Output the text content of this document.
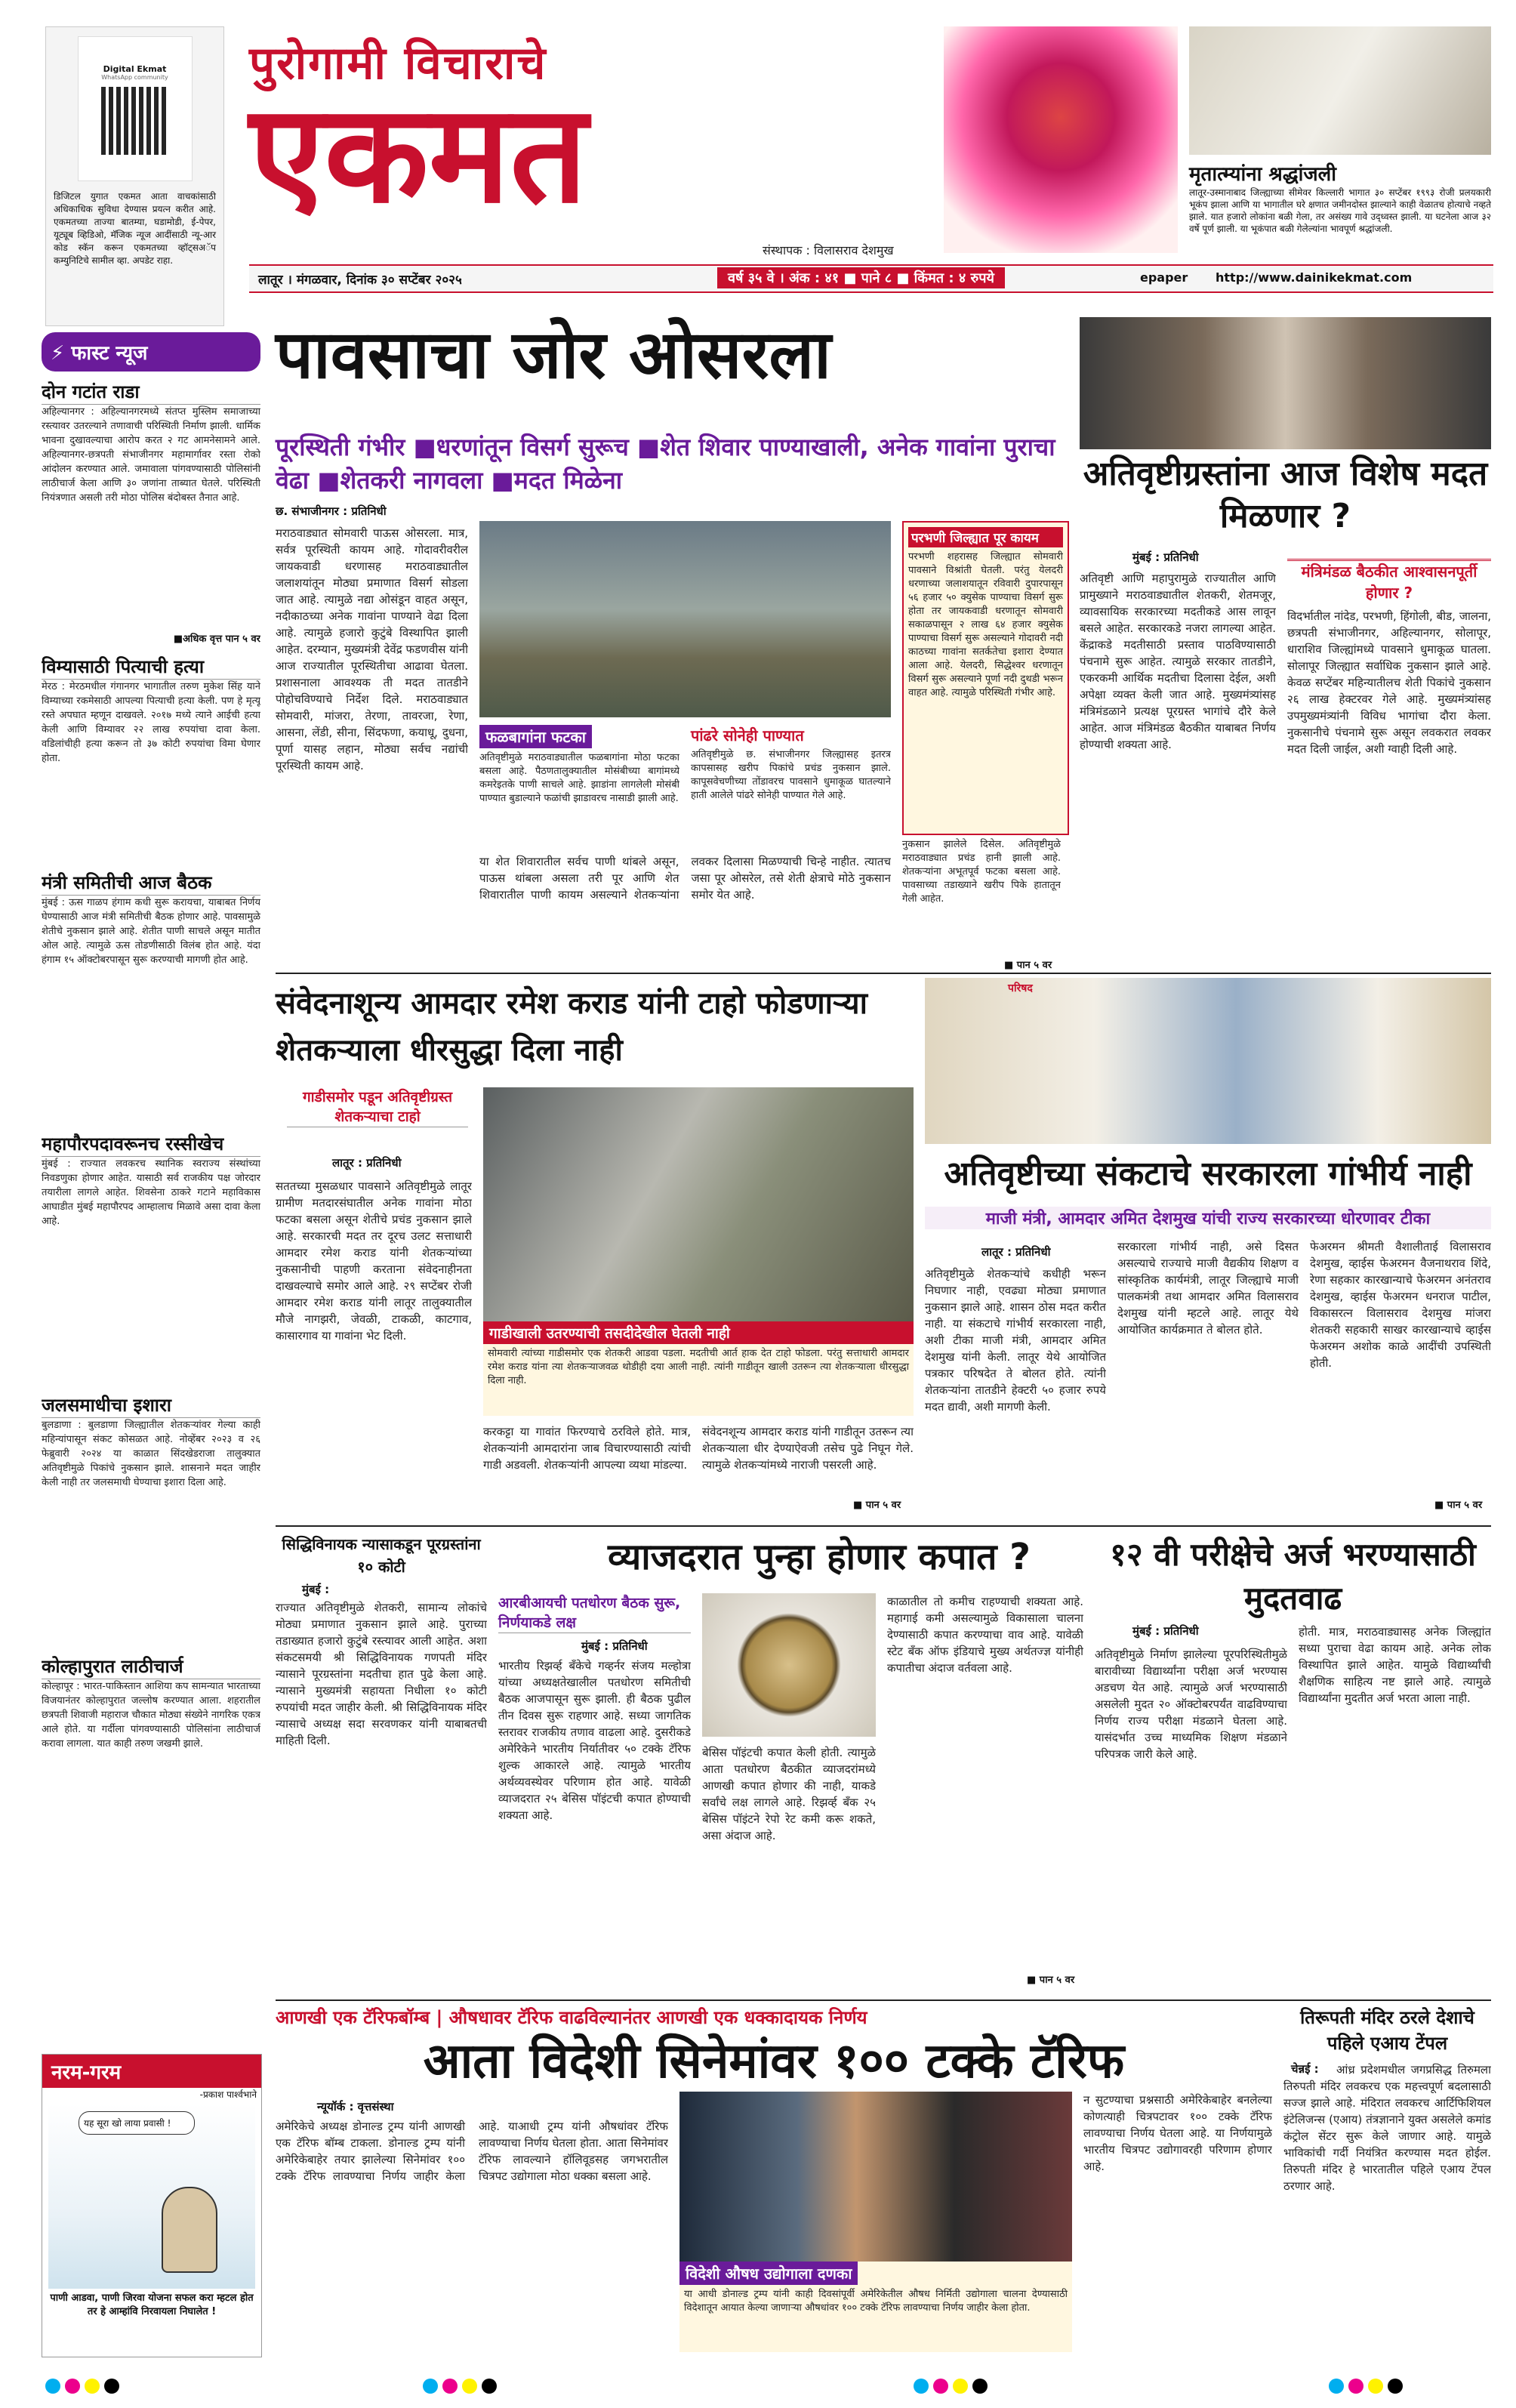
Digital Ekmat
WhatsApp community
डिजिटल युगात एकमत आता वाचकांसाठी अधिकाधिक सुविधा देण्यास प्रयत्न करीत आहे. एकमतच्या ताज्या बातम्या, घडामोडी, ई-पेपर, यूट्यूब व्हिडिओ, मॅजिक न्यूज आदींसाठी न्यू-आर कोड स्कॅन करून एकमतच्या व्हॉट्सअॅप कम्युनिटिचे सामील व्हा. अपडेट राहा.
पुरोगामी विचाराचे
एकमत
संस्थापक : विलासराव देशमुख
मृतात्म्यांना श्रद्धांजली
लातूर-उस्मानाबाद जिल्ह्याच्या सीमेवर किल्लारी भागात ३० सप्टेंबर १९९३ रोजी प्रलयकारी भूकंप झाला आणि या भागातील घरे क्षणात जमीनदोस्त झाल्याने काही वेळातच होत्याचे नव्हते झाले. यात हजारो लोकांना बळी गेला, तर असंख्य गावे उद्ध्वस्त झाली. या घटनेला आज ३२ वर्षे पूर्ण झाली. या भूकंपात बळी गेलेल्यांना भावपूर्ण श्रद्धांजली.
लातूर । मंगळवार, दिनांक ३० सप्टेंबर २०२५	वर्ष ३५ वे । अंक : ४१ ■ पाने ८ ■ किंमत : ४ रुपये	epaper http://www.dainikekmat.com
⚡ फास्ट न्यूज
दोन गटांत राडा
अहिल्यानगर : अहिल्यानगरमध्ये संतप्त मुस्लिम समाजाच्या रस्त्यावर उतरल्याने तणावाची परिस्थिती निर्माण झाली. धार्मिक भावना दुखावल्याचा आरोप करत २ गट आमनेसामने आले. अहिल्यानगर-छत्रपती संभाजीनगर महामार्गावर रस्ता रोको आंदोलन करण्यात आले. जमावाला पांगवण्यासाठी पोलिसांनी लाठीचार्ज केला आणि ३० जणांना ताब्यात घेतले. परिस्थिती नियंत्रणात असली तरी मोठा पोलिस बंदोबस्त तैनात आहे.
■अधिक वृत्त पान ५ वर
विम्यासाठी पित्याची हत्या
मेरठ : मेरठमधील गंगानगर भागातील तरुण मुकेश सिंह याने विम्याच्या रकमेसाठी आपल्या पित्याची हत्या केली. पण हे मृत्यू रस्ते अपघात म्हणून दाखवले. २०१७ मध्ये त्याने आईची हत्या केली आणि विम्यावर २२ लाख रुपयांचा दावा केला. वडिलांचीही हत्या करून तो ३७ कोटी रुपयांचा विमा घेणार होता.
मंत्री समितीची आज बैठक
मुंबई : ऊस गाळप हंगाम कधी सुरू करायचा, याबाबत निर्णय घेण्यासाठी आज मंत्री समितीची बैठक होणार आहे. पावसामुळे शेतीचे नुकसान झाले आहे. शेतीत पाणी साचले असून मातीत ओल आहे. त्यामुळे ऊस तोडणीसाठी विलंब होत आहे. यंदा हंगाम १५ ऑक्टोबरपासून सुरू करण्याची मागणी होत आहे.
महापौरपदावरूनच रस्सीखेच
मुंबई : राज्यात लवकरच स्थानिक स्वराज्य संस्थांच्या निवडणुका होणार आहेत. यासाठी सर्व राजकीय पक्ष जोरदार तयारीला लागले आहेत. शिवसेना ठाकरे गटाने महाविकास आघाडीत मुंबई महापौरपद आम्हालाच मिळावे असा दावा केला आहे.
जलसमाधीचा इशारा
बुलडाणा : बुलडाणा जिल्ह्यातील शेतकऱ्यांवर गेल्या काही महिन्यांपासून संकट कोसळत आहे. नोव्हेंबर २०२३ व २६ फेब्रुवारी २०२४ या काळात सिंदखेडराजा तालुक्यात अतिवृष्टीमुळे पिकांचे नुकसान झाले. शासनाने मदत जाहीर केली नाही तर जलसमाधी घेण्याचा इशारा दिला आहे.
कोल्हापुरात लाठीचार्ज
कोल्हापूर : भारत-पाकिस्तान आशिया कप सामन्यात भारताच्या विजयानंतर कोल्हापुरात जल्लोष करण्यात आला. शहरातील छत्रपती शिवाजी महाराज चौकात मोठ्या संख्येने नागरिक एकत्र आले होते. या गर्दीला पांगवण्यासाठी पोलिसांना लाठीचार्ज करावा लागला. यात काही तरुण जखमी झाले.
नरम-गरम
-प्रकाश पार्श्‍वभाने
यह सूरा खो लाया प्रवासी !
पाणी आडवा, पाणी जिरवा योजना सफल करा म्हटल होत तर हे आम्हांवि निरवायला निघालेत !
पावसाचा जोर ओसरला
पूरस्थिती गंभीर ■धरणांतून विसर्ग सुरूच ■शेत शिवार पाण्याखाली, अनेक गावांना पुराचा वेढा ■शेतकरी नागवला ■मदत मिळेना
छ. संभाजीनगर : प्रतिनिधी
मराठवाड्यात सोमवारी पाऊस ओसरला. मात्र, सर्वत्र पूरस्थिती कायम आहे. गोदावरीवरील जायकवाडी धरणासह मराठवाड्यातील जलाशयांतून मोठ्या प्रमाणात विसर्ग सोडला जात आहे. त्यामुळे नद्या ओसंडून वाहत असून, नदीकाठच्या अनेक गावांना पाण्याने वेढा दिला आहे. त्यामुळे हजारो कुटुंबे विस्थापित झाली आहेत. दरम्यान, मुख्यमंत्री देवेंद्र फडणवीस यांनी आज राज्यातील पूरस्थितीचा आढावा घेतला. प्रशासनाला आवश्यक ती मदत तातडीने पोहोचविण्याचे निर्देश दिले. मराठवाड्यात सोमवारी, मांजरा, तेरणा, तावरजा, रेणा, आसना, लेंडी, सीना, सिंदफणा, कयाधू, दुधना, पूर्णा यासह लहान, मोठ्या सर्वच नद्यांची पूरस्थिती कायम आहे.
फळबागांना फटका
अतिवृष्टीमुळे मराठवाड्यातील फळबागांना मोठा फटका बसला आहे. पैठणतालुक्यातील मोसंबीच्या बागांमध्ये कमरेइतके पाणी साचले आहे. झाडांना लागलेली मोसंबी पाण्यात बुडाल्याने फळांची झाडावरच नासाडी झाली आहे.
पांढरे सोनेही पाण्यात
अतिवृष्टीमुळे छ. संभाजीनगर जिल्ह्यासह इतरत्र कापसासह खरीप पिकांचे प्रचंड नुकसान झाले. कापूसवेचणीच्या तोंडावरच पावसाने धुमाकूळ घातल्याने हाती आलेले पांढरे सोनेही पाण्यात गेले आहे.
या शेत शिवारातील सर्वच पाणी थांबले असून, पाऊस थांबला असला तरी पूर आणि शेत शिवारातील पाणी कायम असल्याने शेतकऱ्यांना लवकर दिलासा मिळण्याची चिन्हे नाहीत. त्यातच जसा पूर ओसरेल, तसे शेती क्षेत्राचे मोठे नुकसान समोर येत आहे.
परभणी जिल्ह्यात पूर कायम
परभणी शहरासह जिल्ह्यात सोमवारी पावसाने विश्रांती घेतली. परंतु येलदरी धरणाच्या जलाशयातून रविवारी दुपारपासून ५६ हजार ५० क्युसेक पाण्याचा विसर्ग सुरू होता तर जायकवाडी धरणातून सोमवारी सकाळपासून २ लाख ६४ हजार क्युसेक पाण्याचा विसर्ग सुरू असल्याने गोदावरी नदी काठच्या गावांना सतर्कतेचा इशारा देण्यात आला आहे. येलदरी, सिद्धेश्वर धरणातून विसर्ग सुरू असल्याने पूर्णा नदी दुथडी भरून वाहत आहे. त्यामुळे परिस्थिती गंभीर आहे.
नुकसान झालेले दिसेल. अतिवृष्टीमुळे मराठवाड्यात प्रचंड हानी झाली आहे. शेतकऱ्यांना अभूतपूर्व फटका बसला आहे. पावसाच्या तडाख्याने खरीप पिके हातातून गेली आहेत.
■ पान ५ वर
अतिवृष्टीग्रस्तांना आज विशेष मदत मिळणार ?
मुंबई : प्रतिनिधी
अतिवृष्टी आणि महापुरामुळे राज्यातील आणि प्रामुख्याने मराठवाड्यातील शेतकरी, शेतमजूर, व्यावसायिक सरकारच्या मदतीकडे आस लावून बसले आहेत. सरकारकडे नजरा लागल्या आहेत. केंद्राकडे मदतीसाठी प्रस्ताव पाठविण्यासाठी पंचनामे सुरू आहेत. त्यामुळे सरकार तातडीने, एकरकमी आर्थिक मदतीचा दिलासा देईल, अशी अपेक्षा व्यक्त केली जात आहे. मुख्यमंत्र्यांसह मंत्रिमंडळाने प्रत्यक्ष पूरग्रस्त भागांचे दौरे केले आहेत. आज मंत्रिमंडळ बैठकीत याबाबत निर्णय होण्याची शक्यता आहे.
मंत्रिमंडळ बैठकीत आश्वासनपूर्ती होणार ?
विदर्भातील नांदेड, परभणी, हिंगोली, बीड, जालना, छत्रपती संभाजीनगर, अहिल्यानगर, सोलापूर, धाराशिव जिल्ह्यांमध्ये पावसाने धुमाकूळ घातला. सोलापूर जिल्ह्यात सर्वाधिक नुकसान झाले आहे. केवळ सप्टेंबर महिन्यातीलच शेती पिकांचे नुकसान २६ लाख हेक्टरवर गेले आहे. मुख्यमंत्र्यांसह उपमुख्यमंत्र्यांनी विविध भागांचा दौरा केला. नुकसानीचे पंचनामे सुरू असून लवकरात लवकर मदत दिली जाईल, अशी ग्वाही दिली आहे.
संवेदनाशून्य आमदार रमेश कराड यांनी टाहो फोडणाऱ्या शेतकऱ्याला धीरसुद्धा दिला नाही
गाडीसमोर पडून अतिवृष्टीग्रस्त शेतकऱ्याचा टाहो
लातूर : प्रतिनिधी
सततच्या मुसळधार पावसाने अतिवृष्टीमुळे लातूर ग्रामीण मतदारसंघातील अनेक गावांना मोठा फटका बसला असून शेतीचे प्रचंड नुकसान झाले आहे. सरकारची मदत तर दूरच उलट सत्ताधारी आमदार रमेश कराड यांनी शेतकऱ्यांच्या नुकसानीची पाहणी करताना संवेदनाहीनता दाखवल्याचे समोर आले आहे. २९ सप्टेंबर रोजी आमदार रमेश कराड यांनी लातूर तालुक्यातील मौजे नागझरी, जेवळी, टाकळी, काटगाव, कासारगाव या गावांना भेट दिली.	गाडीखाली उतरण्याची तसदीदेखील घेतली नाही
सोमवारी त्यांच्या गाडीसमोर एक शेतकरी आडवा पडला. मदतीची आर्त हाक देत टाहो फोडला. परंतु सत्ताधारी आमदार रमेश कराड यांना त्या शेतकऱ्याजवळ थोडीही दया आली नाही. त्यांनी गाडीतून खाली उतरून त्या शेतकऱ्याला धीरसुद्धा दिला नाही.
करकट्टा या गावांत फिरण्याचे ठरविले होते. मात्र, शेतकऱ्यांनी आमदारांना जाब विचारण्यासाठी त्यांची गाडी अडवली. शेतकऱ्यांनी आपल्या व्यथा मांडल्या.
संवेदनशून्य आमदार कराड यांनी गाडीतून उतरून त्या शेतकऱ्याला धीर देण्याऐवजी तसेच पुढे निघून गेले. त्यामुळे शेतकऱ्यांमध्ये नाराजी पसरली आहे.
■ पान ५ वर
परिषद
अतिवृष्टीच्या संकटाचे सरकारला गांभीर्य नाही
माजी मंत्री, आमदार अमित देशमुख यांची राज्य सरकारच्या धोरणावर टीका
लातूर : प्रतिनिधी
अतिवृष्टीमुळे शेतकऱ्यांचे कधीही भरून निघणार नाही, एवढ्या मोठ्या प्रमाणात नुकसान झाले आहे. शासन ठोस मदत करीत नाही. या संकटाचे गांभीर्य सरकारला नाही, अशी टीका माजी मंत्री, आमदार अमित देशमुख यांनी केली. लातूर येथे आयोजित पत्रकार परिषदेत ते बोलत होते. त्यांनी शेतकऱ्यांना तातडीने हेक्टरी ५० हजार रुपये मदत द्यावी, अशी मागणी केली.
सरकारला गांभीर्य नाही, असे दिसत असल्याचे राज्याचे माजी वैद्यकीय शिक्षण व सांस्कृतिक कार्यमंत्री, लातूर जिल्ह्याचे माजी पालकमंत्री तथा आमदार अमित विलासराव देशमुख यांनी म्हटले आहे. लातूर येथे आयोजित कार्यक्रमात ते बोलत होते.
फेअरमन श्रीमती वैशालीताई विलासराव देशमुख, व्हाईस फेअरमन वैजनाथराव शिंदे, रेणा सहकार कारखान्याचे फेअरमन अनंतराव देशमुख, व्हाईस फेअरमन धनराज पाटील, विकासरत्न विलासराव देशमुख मांजरा शेतकरी सहकारी साखर कारखान्याचे व्हाईस फेअरमन अशोक काळे आदींची उपस्थिती होती.
■ पान ५ वर
सिद्धिविनायक न्यासाकडून पूरग्रस्तांना १० कोटी
मुंबई :
राज्यात अतिवृष्टीमुळे शेतकरी, सामान्य लोकांचे मोठ्या प्रमाणात नुकसान झाले आहे. पुराच्या तडाख्यात हजारो कुटुंबे रस्त्यावर आली आहेत. अशा संकटसमयी श्री सिद्धिविनायक गणपती मंदिर न्यासाने पूरग्रस्तांना मदतीचा हात पुढे केला आहे. न्यासाने मुख्यमंत्री सहायता निधीला १० कोटी रुपयांची मदत जाहीर केली. श्री सिद्धिविनायक मंदिर न्यासाचे अध्यक्ष सदा सरवणकर यांनी याबाबतची माहिती दिली.
व्याजदरात पुन्हा होणार कपात ?
आरबीआयची पतधोरण बैठक सुरू, निर्णयाकडे लक्ष
मुंबई : प्रतिनिधी
भारतीय रिझर्व्ह बँकेचे गव्हर्नर संजय मल्होत्रा यांच्या अध्यक्षतेखालील पतधोरण समितीची बैठक आजपासून सुरू झाली. ही बैठक पुढील तीन दिवस सुरू राहणार आहे. सध्या जागतिक स्तरावर राजकीय तणाव वाढला आहे. दुसरीकडे अमेरिकेने भारतीय निर्यातीवर ५० टक्के टॅरिफ शुल्क आकारले आहे. त्यामुळे भारतीय अर्थव्यवस्थेवर परिणाम होत आहे. यावेळी व्याजदरात २५ बेसिस पॉइंटची कपात होण्याची शक्यता आहे.
बेसिस पॉइंटची कपात केली होती. त्यामुळे आता पतधोरण बैठकीत व्याजदरांमध्ये आणखी कपात होणार की नाही, याकडे सर्वांचे लक्ष लागले आहे. रिझर्व्ह बँक २५ बेसिस पॉइंटने रेपो रेट कमी करू शकते, असा अंदाज आहे.
काळातील तो कमीच राहण्याची शक्यता आहे. महागाई कमी असल्यामुळे विकासाला चालना देण्यासाठी कपात करण्याचा वाव आहे. यावेळी स्टेट बँक ऑफ इंडियाचे मुख्य अर्थतज्ज्ञ यांनीही कपातीचा अंदाज वर्तवला आहे.
■ पान ५ वर
१२ वी परीक्षेचे अर्ज भरण्यासाठी मुदतवाढ
मुंबई : प्रतिनिधी
अतिवृष्टीमुळे निर्माण झालेल्या पूरपरिस्थितीमुळे बारावीच्या विद्यार्थ्यांना परीक्षा अर्ज भरण्यास अडचण येत आहे. त्यामुळे अर्ज भरण्यासाठी असलेली मुदत २० ऑक्टोबरपर्यंत वाढविण्याचा निर्णय राज्य परीक्षा मंडळाने घेतला आहे. यासंदर्भात उच्च माध्यमिक शिक्षण मंडळाने परिपत्रक जारी केले आहे.
होती. मात्र, मराठवाड्यासह अनेक जिल्ह्यांत सध्या पुराचा वेढा कायम आहे. अनेक लोक विस्थापित झाले आहेत. यामुळे विद्यार्थ्यांची शैक्षणिक साहित्य नष्ट झाले आहे. त्यामुळे विद्यार्थ्यांना मुदतीत अर्ज भरता आला नाही.
आणखी एक टॅरिफबॉम्ब | औषधावर टॅरिफ वाढविल्यानंतर आणखी एक धक्कादायक निर्णय
आता विदेशी सिनेमांवर १०० टक्के टॅरिफ
न्यूयॉर्क : वृत्तसंस्था
अमेरिकेचे अध्यक्ष डोनाल्ड ट्रम्प यांनी आणखी एक टॅरिफ बॉम्ब टाकला. डोनाल्ड ट्रम्प यांनी अमेरिकेबाहेर तयार झालेल्या सिनेमांवर १०० टक्के टॅरिफ लावण्याचा निर्णय जाहीर केला आहे. याआधी ट्रम्प यांनी औषधांवर टॅरिफ लावण्याचा निर्णय घेतला होता. आता सिनेमांवर टॅरिफ लावल्याने हॉलिवूडसह जगभरातील चित्रपट उद्योगाला मोठा धक्का बसला आहे.
विदेशी औषध उद्योगाला दणका
या आधी डोनाल्ड ट्रम्प यांनी काही दिवसांपूर्वी अमेरिकेतील औषध निर्मिती उद्योगाला चालना देण्यासाठी विदेशातून आयात केल्या जाणाऱ्या औषधांवर १०० टक्के टॅरिफ लावण्याचा निर्णय जाहीर केला होता.
न सुटण्याचा प्रश्नसाठी अमेरिकेबाहेर बनलेल्या कोणत्याही चित्रपटावर १०० टक्के टॅरिफ लावण्याचा निर्णय घेतला आहे. या निर्णयामुळे भारतीय चित्रपट उद्योगावरही परिणाम होणार आहे.
तिरूपती मंदिर ठरले देशाचे पहिले एआय टेंपल
चेन्नई :	आंध्र प्रदेशमधील जगप्रसिद्ध तिरुमला तिरुपती मंदिर लवकरच एक महत्त्वपूर्ण बदलासाठी सज्ज झाले आहे. मंदिरात लवकरच आर्टिफिशियल इंटेलिजन्स (एआय) तंत्रज्ञानाने युक्त असलेले कमांड कंट्रोल सेंटर सुरू केले जाणार आहे. यामुळे भाविकांची गर्दी नियंत्रित करण्यास मदत होईल. तिरुपती मंदिर हे भारतातील पहिले एआय टेंपल ठरणार आहे.
